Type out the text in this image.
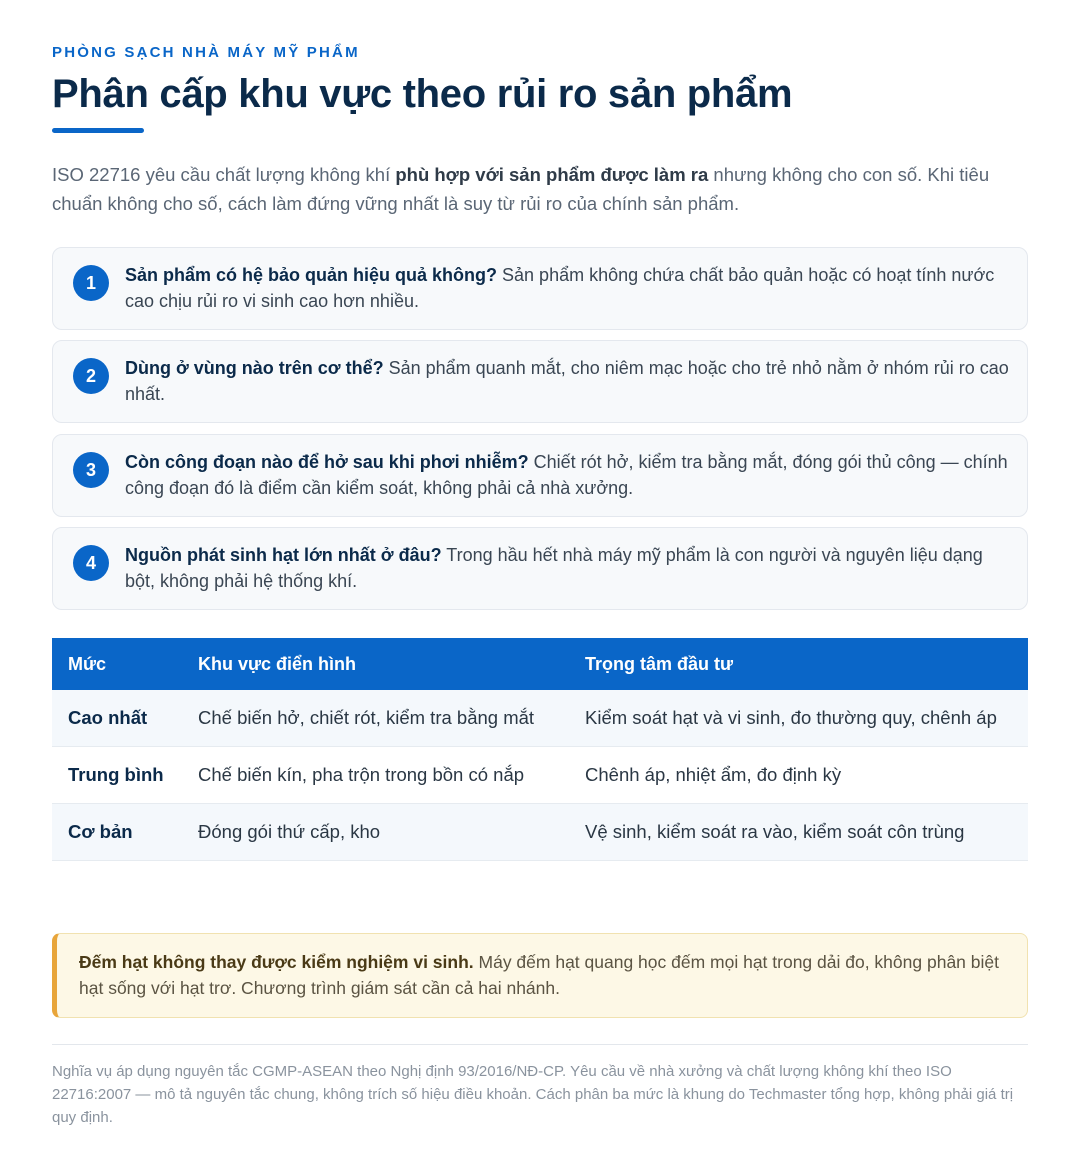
PHÒNG SẠCH NHÀ MÁY MỸ PHẨM
Phân cấp khu vực theo rủi ro sản phẩm

ISO 22716 yêu cầu chất lượng không khí phù hợp với sản phẩm được làm ra nhưng không cho con số. Khi tiêu chuẩn không cho số, cách làm đứng vững nhất là suy từ rủi ro của chính sản phẩm.

1	Sản phẩm có hệ bảo quản hiệu quả không? Sản phẩm không chứa chất bảo quản hoặc có hoạt tính nước cao chịu rủi ro vi sinh cao hơn nhiều.
2	Dùng ở vùng nào trên cơ thể? Sản phẩm quanh mắt, cho niêm mạc hoặc cho trẻ nhỏ nằm ở nhóm rủi ro cao nhất.
3	Còn công đoạn nào để hở sau khi phơi nhiễm? Chiết rót hở, kiểm tra bằng mắt, đóng gói thủ công — chính công đoạn đó là điểm cần kiểm soát, không phải cả nhà xưởng.
4	Nguồn phát sinh hạt lớn nhất ở đâu? Trong hầu hết nhà máy mỹ phẩm là con người và nguyên liệu dạng bột, không phải hệ thống khí.
Mức	Khu vực điển hình	Trọng tâm đầu tư
Cao nhất	Chế biến hở, chiết rót, kiểm tra bằng mắt	Kiểm soát hạt và vi sinh, đo thường quy, chênh áp
Trung bình	Chế biến kín, pha trộn trong bồn có nắp	Chênh áp, nhiệt ẩm, đo định kỳ
Cơ bản	Đóng gói thứ cấp, kho	Vệ sinh, kiểm soát ra vào, kiểm soát côn trùng
Đếm hạt không thay được kiểm nghiệm vi sinh. Máy đếm hạt quang học đếm mọi hạt trong dải đo, không phân biệt hạt sống với hạt trơ. Chương trình giám sát cần cả hai nhánh.

Nghĩa vụ áp dụng nguyên tắc CGMP-ASEAN theo Nghị định 93/2016/NĐ-CP. Yêu cầu về nhà xưởng và chất lượng không khí theo ISO 22716:2007 — mô tả nguyên tắc chung, không trích số hiệu điều khoản. Cách phân ba mức là khung do Techmaster tổng hợp, không phải giá trị quy định.
